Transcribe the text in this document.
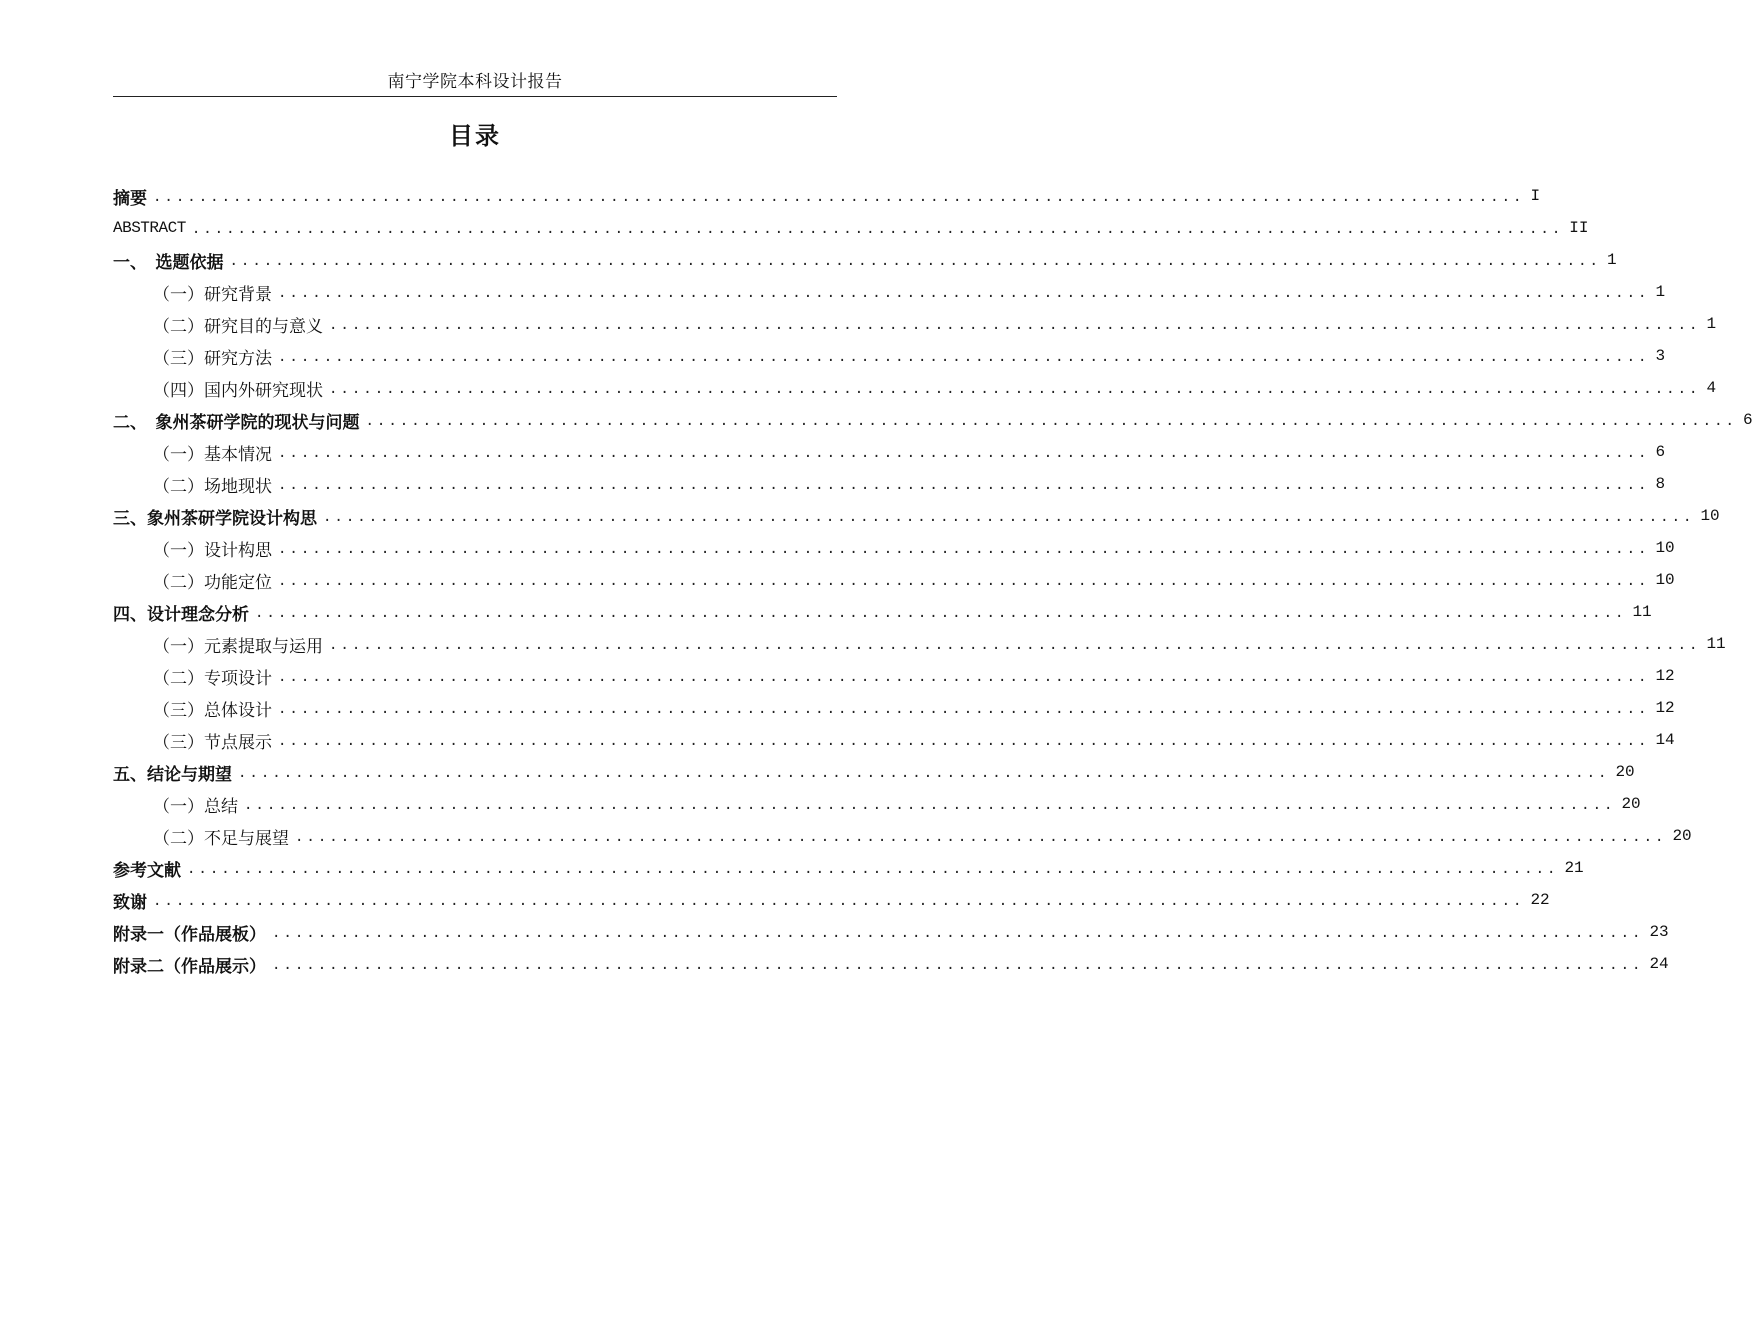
南宁学院本科设计报告
目录
摘要 ........................................................................................................................ I
ABSTRACT ........................................................................................................................ II
一、　选题依据 ........................................................................................................................ 1
（一）研究背景 ........................................................................................................................ 1
（二）研究目的与意义 ........................................................................................................................ 1
（三）研究方法 ........................................................................................................................ 3
（四）国内外研究现状 ........................................................................................................................ 4
二、　象州茶研学院的现状与问题 ........................................................................................................................ 6
（一）基本情况 ........................................................................................................................ 6
（二）场地现状 ........................................................................................................................ 8
三、象州茶研学院设计构思 ........................................................................................................................ 10
（一）设计构思 ........................................................................................................................ 10
（二）功能定位 ........................................................................................................................ 10
四、设计理念分析 ........................................................................................................................ 11
（一）元素提取与运用 ........................................................................................................................ 11
（二）专项设计 ........................................................................................................................ 12
（三）总体设计 ........................................................................................................................ 12
（三）节点展示 ........................................................................................................................ 14
五、结论与期望 ........................................................................................................................ 20
（一）总结 ........................................................................................................................ 20
（二）不足与展望 ........................................................................................................................ 20
参考文献 ........................................................................................................................ 21
致谢 ........................................................................................................................ 22
附录一（作品展板） ........................................................................................................................ 23
附录二（作品展示） ........................................................................................................................ 24
